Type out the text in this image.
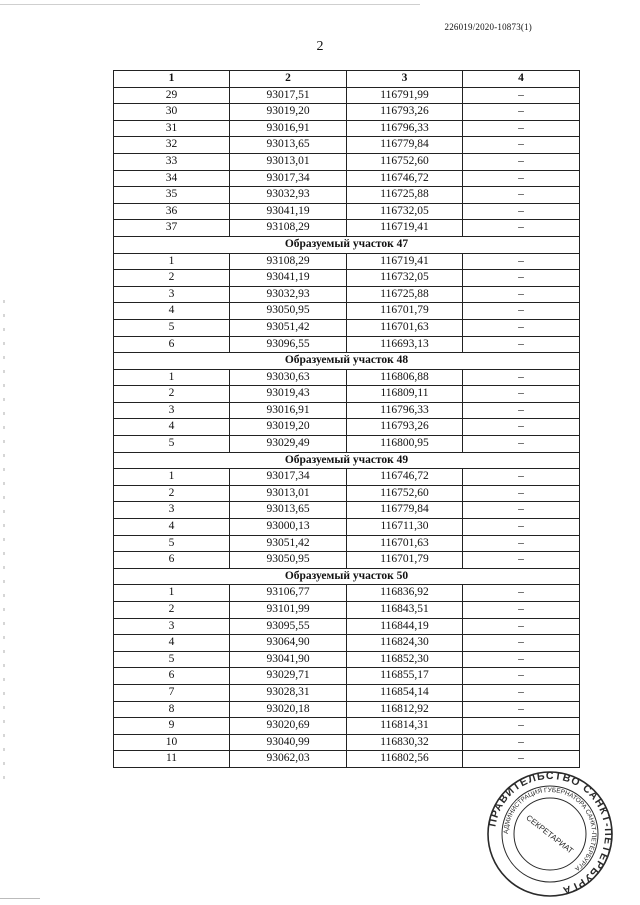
226019/2020-10873(1)
2
1	2	3	4
29	93017,51	116791,99	–
30	93019,20	116793,26	–
31	93016,91	116796,33	–
32	93013,65	116779,84	–
33	93013,01	116752,60	–
34	93017,34	116746,72	–
35	93032,93	116725,88	–
36	93041,19	116732,05	–
37	93108,29	116719,41	–
Образуемый участок 47			
1	93108,29	116719,41	–
2	93041,19	116732,05	–
3	93032,93	116725,88	–
4	93050,95	116701,79	–
5	93051,42	116701,63	–
6	93096,55	116693,13	–
Образуемый участок 48			
1	93030,63	116806,88	–
2	93019,43	116809,11	–
3	93016,91	116796,33	–
4	93019,20	116793,26	–
5	93029,49	116800,95	–
Образуемый участок 49			
1	93017,34	116746,72	–
2	93013,01	116752,60	–
3	93013,65	116779,84	–
4	93000,13	116711,30	–
5	93051,42	116701,63	–
6	93050,95	116701,79	–
Образуемый участок 50			
1	93106,77	116836,92	–
2	93101,99	116843,51	–
3	93095,55	116844,19	–
4	93064,90	116824,30	–
5	93041,90	116852,30	–
6	93029,71	116855,17	–
7	93028,31	116854,14	–
8	93020,18	116812,92	–
9	93020,69	116814,31	–
10	93040,99	116830,32	–
11	93062,03	116802,56	–
ПРАВИТЕЛЬСТВО САНКТ-ПЕТЕРБУРГА
АДМИНИСТРАЦИЯ ГУБЕРНАТОРА САНКТ-ПЕТЕРБУРГА
СЕКРЕТАРИАТ
